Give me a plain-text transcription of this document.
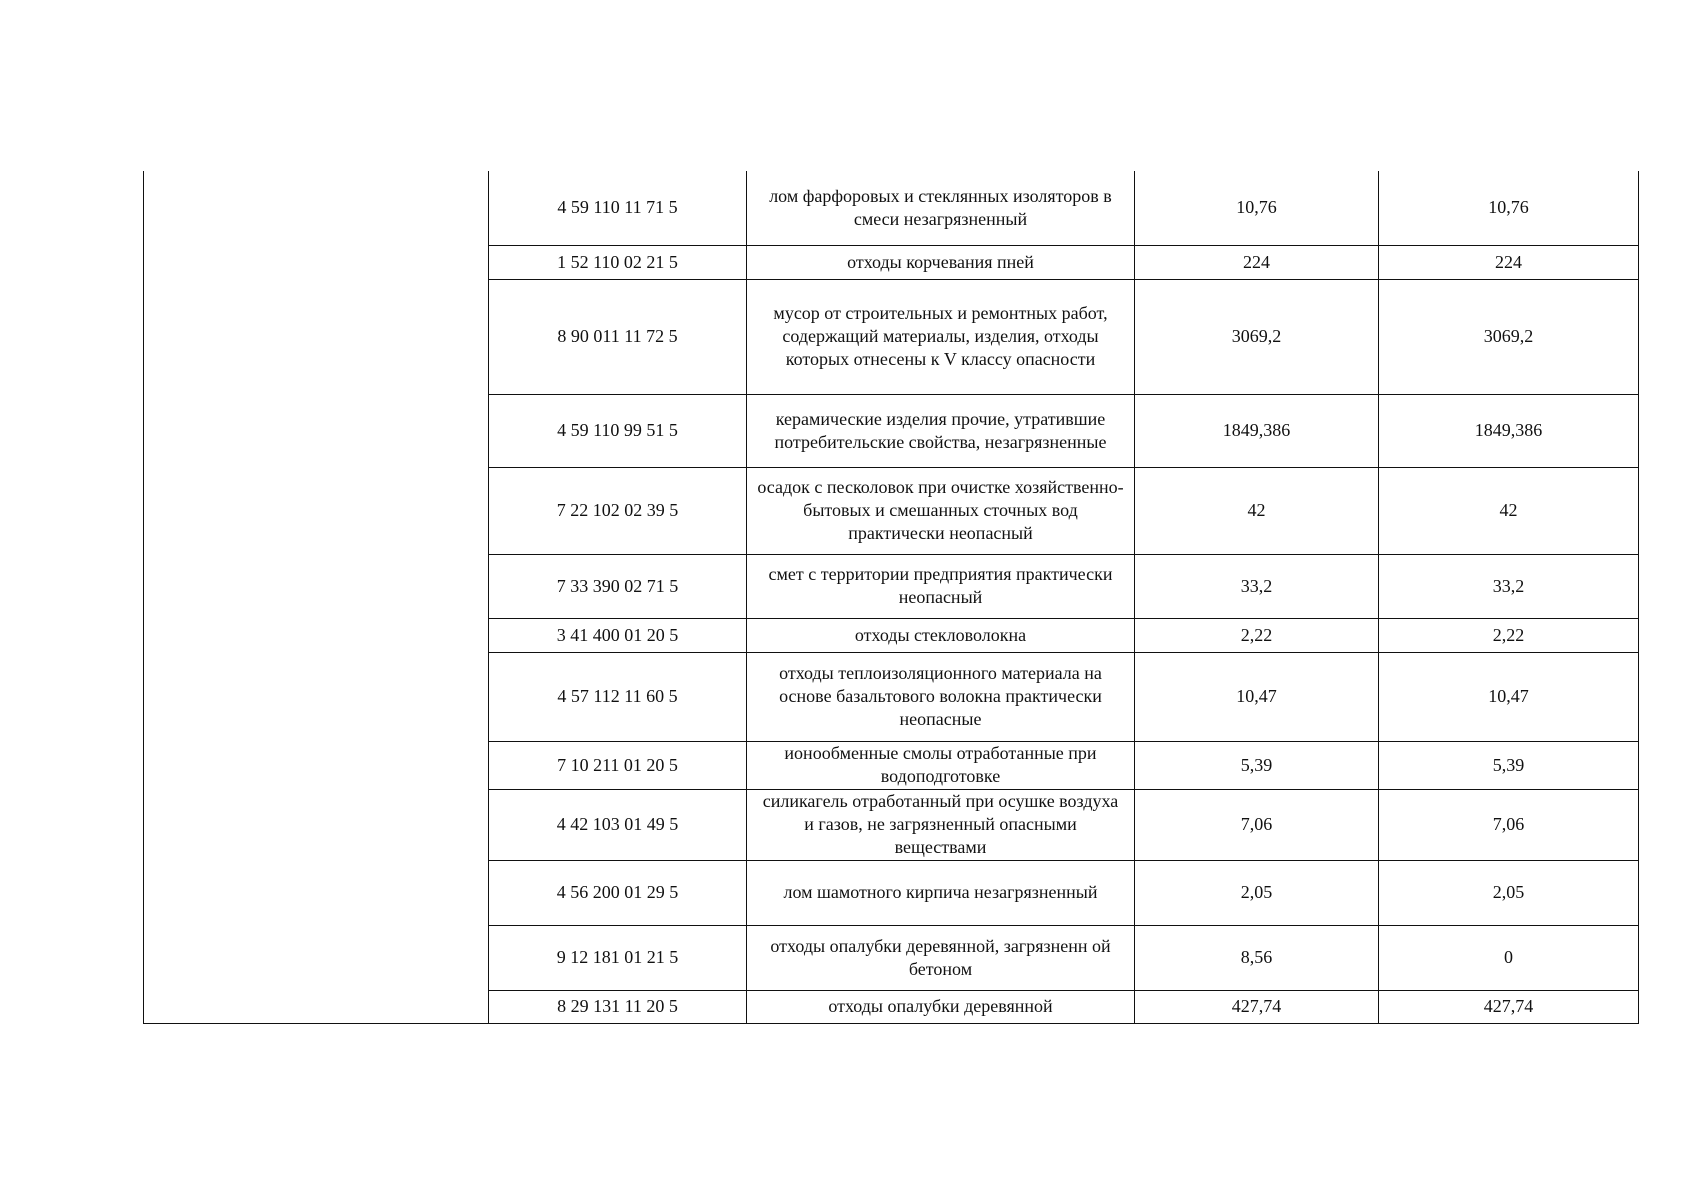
	4 59 110 11 71 5	лом фарфоровых и стеклянных изоляторов в смеси незагрязненный	10,76	10,76
	1 52 110 02 21 5	отходы корчевания пней	224	224
	8 90 011 11 72 5	мусор от строительных и ремонтных работ, содержащий материалы, изделия, отходы которых отнесены к V классу опасности	3069,2	3069,2
	4 59 110 99 51 5	керамические изделия прочие, утратившие потребительские свойства, незагрязненные	1849,386	1849,386
	7 22 102 02 39 5	осадок с песколовок при очистке хозяйственно-бытовых и смешанных сточных вод практически неопасный	42	42
	7 33 390 02 71 5	смет с территории предприятия практически неопасный	33,2	33,2
	3 41 400 01 20 5	отходы стекловолокна	2,22	2,22
	4 57 112 11 60 5	отходы теплоизоляционного материала на основе базальтового волокна практически неопасные	10,47	10,47
	7 10 211 01 20 5	ионообменные смолы отработанные при водоподготовке	5,39	5,39
	4 42 103 01 49 5	силикагель отработанный при осушке воздуха и газов, не загрязненный опасными веществами	7,06	7,06
	4 56 200 01 29 5	лом шамотного кирпича незагрязненный	2,05	2,05
	9 12 181 01 21 5	отходы опалубки деревянной, загрязненн ой бетоном	8,56	0
	8 29 131 11 20 5	отходы опалубки деревянной	427,74	427,74
